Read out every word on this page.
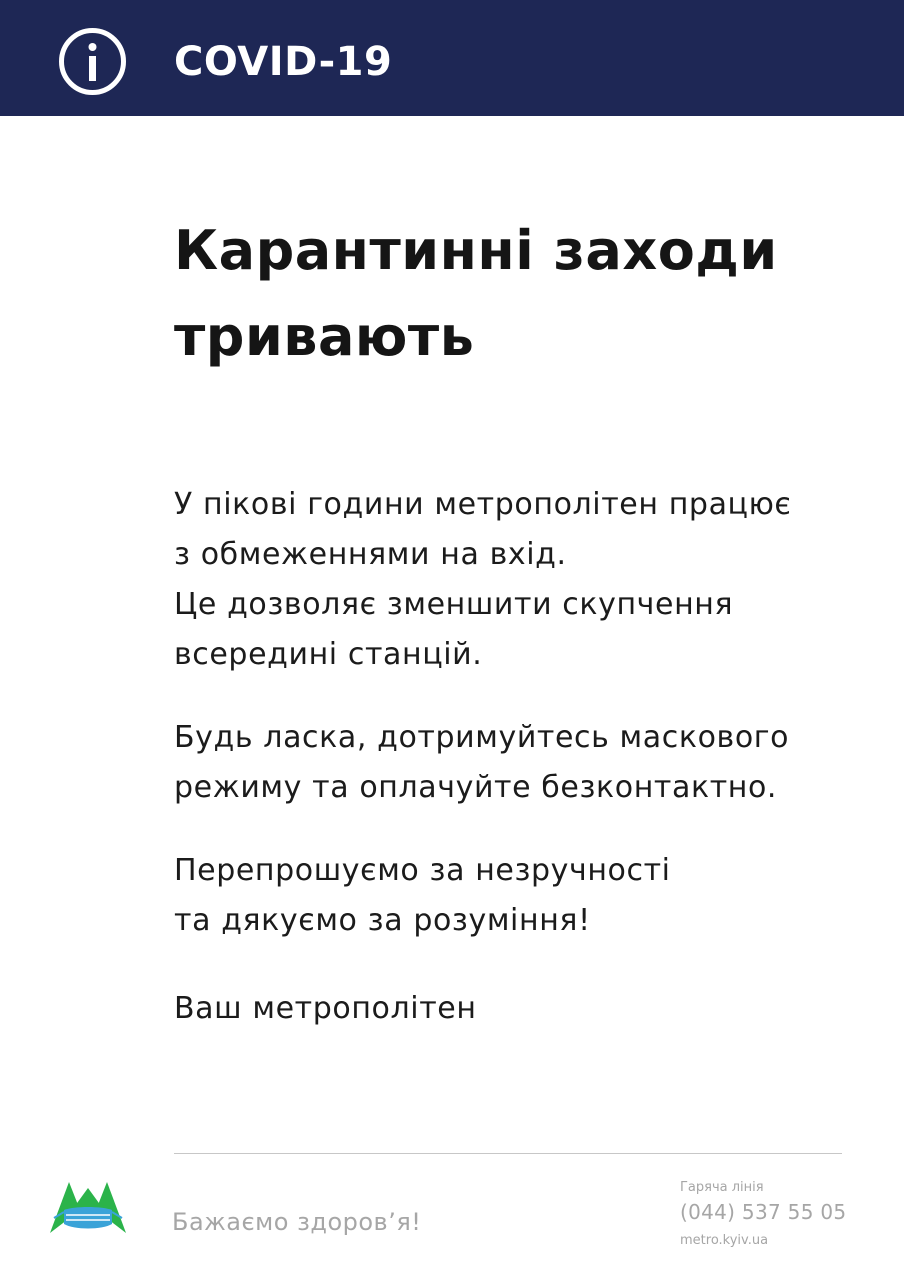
COVID-19
Карантинні заходи
тривають
У пікові години метрополітен працює
з обмеженнями на вхід.
Це дозволяє зменшити скупчення
всередині станцій.
Будь ласка, дотримуйтесь маскового
режиму та оплачуйте безконтактно.
Перепрошуємо за незручності
та дякуємо за розуміння!
Ваш метрополітен
Бажаємо здоров’я!
Гаряча лінія
(044) 537 55 05
metro.kyiv.ua
